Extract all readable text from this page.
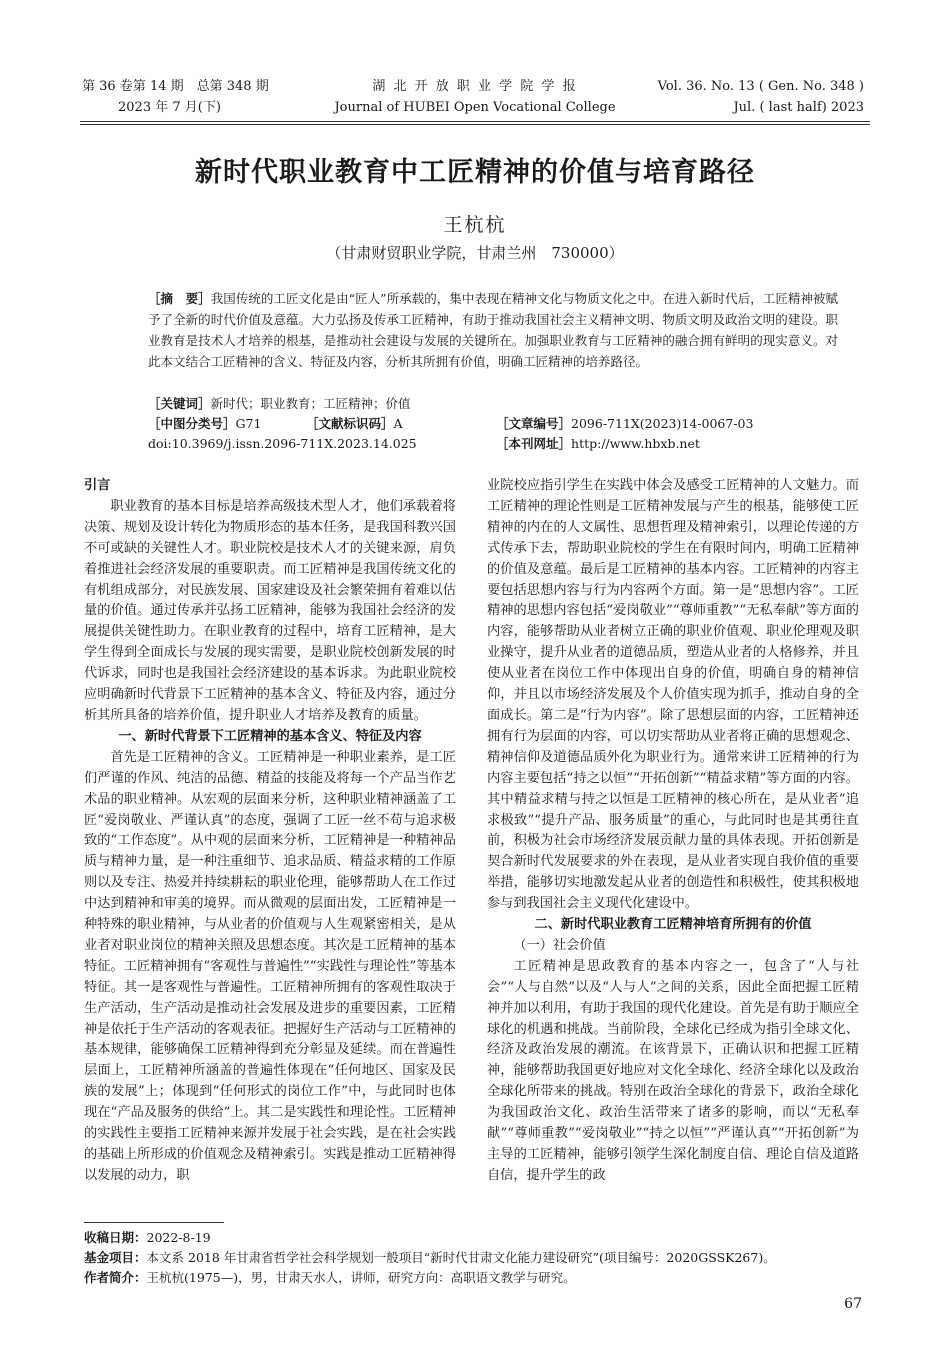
第 36 卷第 14 期　总第 348 期
2023 年 7 月(下)
湖 北 开 放 职 业 学 院 学 报
Journal of HUBEI Open Vocational College
Vol. 36. No. 13 ( Gen. No. 348 )
Jul. ( last half) 2023
新时代职业教育中工匠精神的价值与培育路径
王杭杭
（甘肃财贸职业学院，甘肃兰州　730000）
［摘　要］我国传统的工匠文化是由“匠人”所承载的，集中表现在精神文化与物质文化之中。在进入新时代后，工匠精神被赋予了全新的时代价值及意蕴。大力弘扬及传承工匠精神，有助于推动我国社会主义精神文明、物质文明及政治文明的建设。职业教育是技术人才培养的根基，是推动社会建设与发展的关键所在。加强职业教育与工匠精神的融合拥有鲜明的现实意义。对此本文结合工匠精神的含义、特征及内容，分析其所拥有价值，明确工匠精神的培养路径。
［关键词］新时代；职业教育；工匠精神；价值
［中图分类号］G71	［文献标识码］A	［文章编号］2096-711X(2023)14-0067-03
doi:10.3969/j.issn.2096-711X.2023.14.025	［本刊网址］http://www.hbxb.net

引言

职业教育的基本目标是培养高级技术型人才，他们承载着将决策、规划及设计转化为物质形态的基本任务，是我国科教兴国不可或缺的关键性人才。职业院校是技术人才的关键来源，肩负着推进社会经济发展的重要职责。而工匠精神是我国传统文化的有机组成部分，对民族发展、国家建设及社会繁荣拥有着难以估量的价值。通过传承并弘扬工匠精神，能够为我国社会经济的发展提供关键性助力。在职业教育的过程中，培育工匠精神，是大学生得到全面成长与发展的现实需要，是职业院校创新发展的时代诉求，同时也是我国社会经济建设的基本诉求。为此职业院校应明确新时代背景下工匠精神的基本含义、特征及内容，通过分析其所具备的培养价值，提升职业人才培养及教育的质量。

一、新时代背景下工匠精神的基本含义、特征及内容

首先是工匠精神的含义。工匠精神是一种职业素养，是工匠们严谨的作风、纯洁的品德、精益的技能及将每一个产品当作艺术品的职业精神。从宏观的层面来分析，这种职业精神涵盖了工匠“爱岗敬业、严谨认真”的态度，强调了工匠一丝不苟与追求极致的“工作态度”。从中观的层面来分析，工匠精神是一种精神品质与精神力量，是一种注重细节、追求品质、精益求精的工作原则以及专注、热爱并持续耕耘的职业伦理，能够帮助人在工作过中达到精神和审美的境界。而从微观的层面出发，工匠精神是一种特殊的职业精神，与从业者的价值观与人生观紧密相关，是从业者对职业岗位的精神关照及思想态度。其次是工匠精神的基本特征。工匠精神拥有“客观性与普遍性”“实践性与理论性”等基本特征。其一是客观性与普遍性。工匠精神所拥有的客观性取决于生产活动，生产活动是推动社会发展及进步的重要因素，工匠精神是依托于生产活动的客观表征。把握好生产活动与工匠精神的基本规律，能够确保工匠精神得到充分彰显及延续。而在普遍性层面上，工匠精神所涵盖的普遍性体现在“任何地区、国家及民族的发展”上；体现到“任何形式的岗位工作”中，与此同时也体现在“产品及服务的供给”上。其二是实践性和理论性。工匠精神的实践性主要指工匠精神来源并发展于社会实践，是在社会实践的基础上所形成的价值观念及精神索引。实践是推动工匠精神得以发展的动力，职

业院校应指引学生在实践中体会及感受工匠精神的人文魅力。而工匠精神的理论性则是工匠精神发展与产生的根基，能够使工匠精神的内在的人文属性、思想哲理及精神索引，以理论传递的方式传承下去，帮助职业院校的学生在有限时间内，明确工匠精神的价值及意蕴。最后是工匠精神的基本内容。工匠精神的内容主要包括思想内容与行为内容两个方面。第一是“思想内容”。工匠精神的思想内容包括“爱岗敬业”“尊师重教”“无私奉献”等方面的内容，能够帮助从业者树立正确的职业价值观、职业伦理观及职业操守，提升从业者的道德品质，塑造从业者的人格修养，并且使从业者在岗位工作中体现出自身的价值，明确自身的精神信仰，并且以市场经济发展及个人价值实现为抓手，推动自身的全面成长。第二是“行为内容”。除了思想层面的内容，工匠精神还拥有行为层面的内容，可以切实帮助从业者将正确的思想观念、精神信仰及道德品质外化为职业行为。通常来讲工匠精神的行为内容主要包括“持之以恒”“开拓创新”“精益求精”等方面的内容。其中精益求精与持之以恒是工匠精神的核心所在，是从业者“追求极致”“提升产品、服务质量”的重心，与此同时也是其勇往直前，积极为社会市场经济发展贡献力量的具体表现。开拓创新是契合新时代发展要求的外在表现，是从业者实现自我价值的重要举措，能够切实地激发起从业者的创造性和积极性，使其积极地参与到我国社会主义现代化建设中。

二、新时代职业教育工匠精神培育所拥有的价值
（一）社会价值

工匠精神是思政教育的基本内容之一，包含了“人与社会”“人与自然”以及“人与人”之间的关系，因此全面把握工匠精神并加以利用，有助于我国的现代化建设。首先是有助于顺应全球化的机遇和挑战。当前阶段，全球化已经成为指引全球文化、经济及政治发展的潮流。在该背景下，正确认识和把握工匠精神，能够帮助我国更好地应对文化全球化、经济全球化以及政治全球化所带来的挑战。特别在政治全球化的背景下，政治全球化为我国政治文化、政治生活带来了诸多的影响，而以“无私奉献”“尊师重教”“爱岗敬业”“持之以恒”“严谨认真”“开拓创新”为主导的工匠精神，能够引领学生深化制度自信、理论自信及道路自信，提升学生的政

收稿日期：2022-8-19
基金项目：本文系 2018 年甘肃省哲学社会科学规划一般项目“新时代甘肃文化能力建设研究”(项目编号：2020GSSK267)。
作者简介：王杭杭(1975—)，男，甘肃天水人，讲师，研究方向：高职语文教学与研究。
67
